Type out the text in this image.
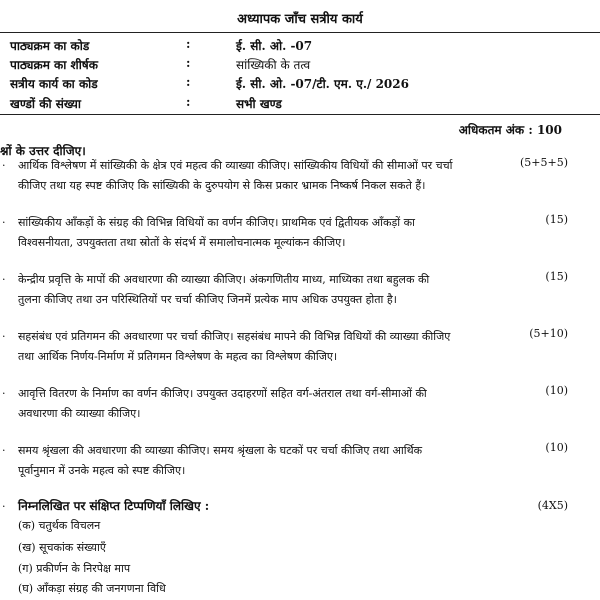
अध्यापक जाँच सत्रीय कार्य
पाठ्यक्रम का कोड	:	ई. सी. ओ. -07
पाठ्यक्रम का शीर्षक	:	सांख्यिकी के तत्व
सत्रीय कार्य का कोड	:	ई. सी. ओ. -07/टी. एम. ए./ 2026
खण्डों की संख्या	:	सभी खण्ड
अधिकतम अंक : 100
श्नों के उत्तर दीजिए।
. आर्थिक विश्लेषण में सांख्यिकी के क्षेत्र एवं महत्व की व्याख्या कीजिए। सांख्यिकीय विधियों की सीमाओं पर चर्चा
कीजिए तथा यह स्पष्ट कीजिए कि सांख्यिकी के दुरुपयोग से किस प्रकार भ्रामक निष्कर्ष निकल सकते हैं।
(5+5+5)
. सांख्यिकीय आँकड़ों के संग्रह की विभिन्न विधियों का वर्णन कीजिए। प्राथमिक एवं द्वितीयक आँकड़ों का
विश्वसनीयता, उपयुक्तता तथा स्रोतों के संदर्भ में समालोचनात्मक मूल्यांकन कीजिए।
(15)
. केन्द्रीय प्रवृत्ति के मापों की अवधारणा की व्याख्या कीजिए। अंकगणितीय माध्य, माध्यिका तथा बहुलक की
तुलना कीजिए तथा उन परिस्थितियों पर चर्चा कीजिए जिनमें प्रत्येक माप अधिक उपयुक्त होता है।
(15)
. सहसंबंध एवं प्रतिगमन की अवधारणा पर चर्चा कीजिए। सहसंबंध मापने की विभिन्न विधियों की व्याख्या कीजिए
तथा आर्थिक निर्णय-निर्माण में प्रतिगमन विश्लेषण के महत्व का विश्लेषण कीजिए।
(5+10)
. आवृत्ति वितरण के निर्माण का वर्णन कीजिए। उपयुक्त उदाहरणों सहित वर्ग-अंतराल तथा वर्ग-सीमाओं की
अवधारणा की व्याख्या कीजिए।
(10)
. समय श्रृंखला की अवधारणा की व्याख्या कीजिए। समय श्रृंखला के घटकों पर चर्चा कीजिए तथा आर्थिक
पूर्वानुमान में उनके महत्व को स्पष्ट कीजिए।
(10)
. निम्नलिखित पर संक्षिप्त टिप्पणियाँ लिखिए :	(4X5)
(क) चतुर्थक विचलन
(ख) सूचकांक संख्याएँ
(ग) प्रकीर्णन के निरपेक्ष माप
(घ) आँकड़ा संग्रह की जनगणना विधि
